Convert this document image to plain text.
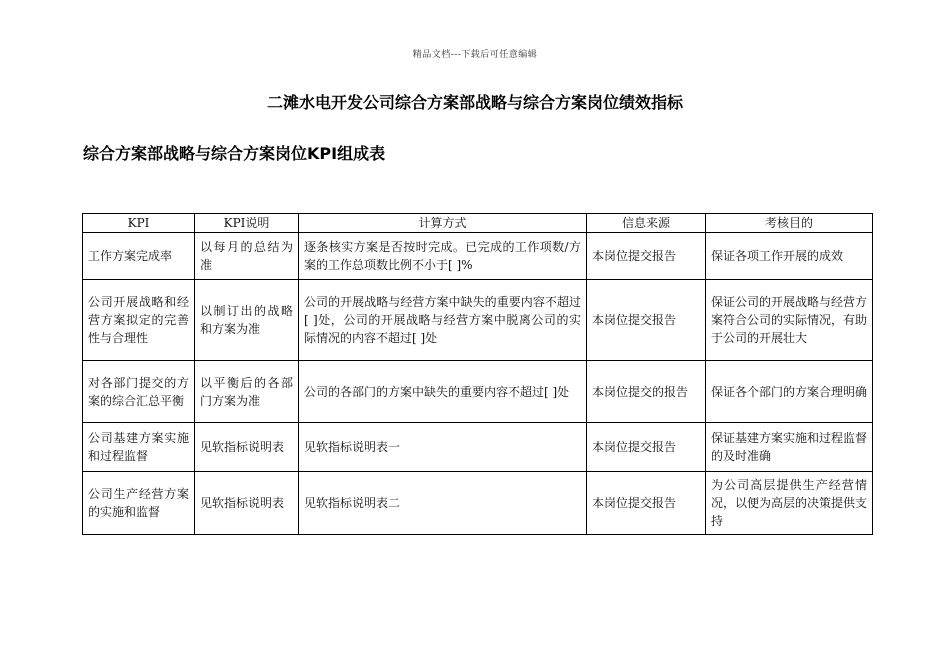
精品文档---下载后可任意编辑
二滩水电开发公司综合方案部战略与综合方案岗位绩效指标
综合方案部战略与综合方案岗位KPI组成表
KPI	KPI说明	计算方式	信息来源	考核目的
工作方案完成率	以每月的总结为准	逐条核实方案是否按时完成。已完成的工作项数/方案的工作总项数比例不小于[ ]%	本岗位提交报告	保证各项工作开展的成效
公司开展战略和经营方案拟定的完善性与合理性	以制订出的战略和方案为准	公司的开展战略与经营方案中缺失的重要内容不超过[ ]处，公司的开展战略与经营方案中脱离公司的实际情况的内容不超过[ ]处	本岗位提交报告	保证公司的开展战略与经营方案符合公司的实际情况，有助于公司的开展壮大
对各部门提交的方案的综合汇总平衡	以平衡后的各部门方案为准	公司的各部门的方案中缺失的重要内容不超过[ ]处	本岗位提交的报告	保证各个部门的方案合理明确
公司基建方案实施和过程监督	见软指标说明表	见软指标说明表一	本岗位提交报告	保证基建方案实施和过程监督的及时准确
公司生产经营方案的实施和监督	见软指标说明表	见软指标说明表二	本岗位提交报告	为公司高层提供生产经营情况，以便为高层的决策提供支持
